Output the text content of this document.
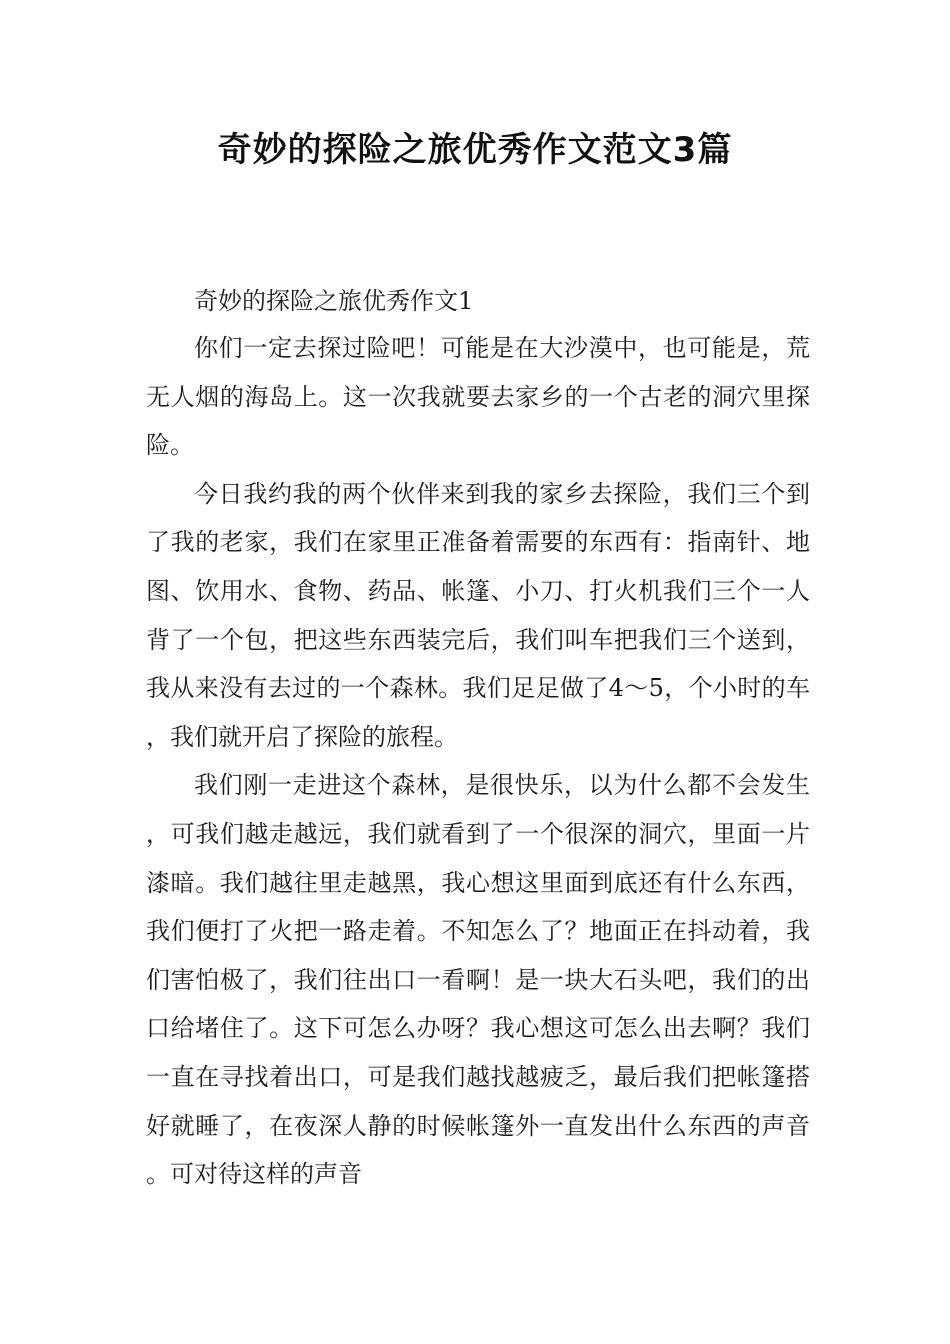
奇妙的探险之旅优秀作文范文3篇

奇妙的探险之旅优秀作文1

你们一定去探过险吧！可能是在大沙漠中，也可能是，荒无人烟的海岛上。这一次我就要去家乡的一个古老的洞穴里探险。

今日我约我的两个伙伴来到我的家乡去探险，我们三个到了我的老家，我们在家里正准备着需要的东西有：指南针、地图、饮用水、食物、药品、帐篷、小刀、打火机我们三个一人背了一个包，把这些东西装完后，我们叫车把我们三个送到，我从来没有去过的一个森林。我们足足做了4～5，个小时的车，我们就开启了探险的旅程。

我们刚一走进这个森林，是很快乐，以为什么都不会发生，可我们越走越远，我们就看到了一个很深的洞穴，里面一片漆暗。我们越往里走越黑，我心想这里面到底还有什么东西，我们便打了火把一路走着。不知怎么了？地面正在抖动着，我们害怕极了，我们往出口一看啊！是一块大石头吧，我们的出口给堵住了。这下可怎么办呀？我心想这可怎么出去啊？我们一直在寻找着出口，可是我们越找越疲乏，最后我们把帐篷搭好就睡了，在夜深人静的时候帐篷外一直发出什么东西的声音。可对待这样的声音
